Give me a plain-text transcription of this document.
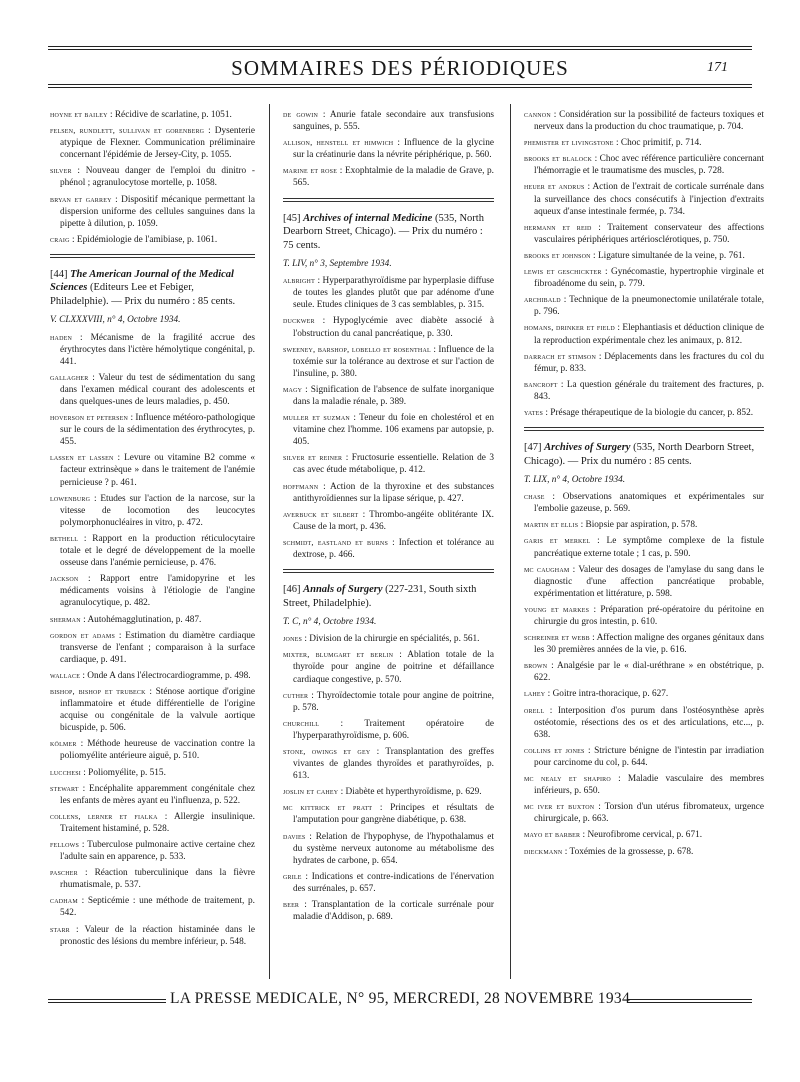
SOMMAIRES DES PÉRIODIQUES	171
hoyne et bailey : Récidive de scarlatine, p. 1051.
felsen, rundlett, sullivan et gorenberg : Dysenterie atypique de Flexner. Communication préliminaire concernant l'épidémie de Jersey-City, p. 1055.
silver : Nouveau danger de l'emploi du dinitro - phénol ; agranulocytose mortelle, p. 1058.
bryan et garrey : Dispositif mécanique permettant la dispersion uniforme des cellules sanguines dans la pipette à dilution, p. 1059.
craig : Epidémiologie de l'amibiase, p. 1061.
[44] The American Journal of the Medical Sciences (Editeurs Lee et Febiger, Philadelphie). — Prix du numéro : 85 cents.
V. CLXXXVIII, n° 4, Octobre 1934.
haden : Mécanisme de la fragilité accrue des érythrocytes dans l'ictère hémolytique congénital, p. 441.
gallagher : Valeur du test de sédimentation du sang dans l'examen médical courant des adolescents et dans quelques-unes de leurs maladies, p. 450.
hoverson et petersen : Influence météoro-pathologique sur le cours de la sédimentation des érythrocytes, p. 455.
lassen et lassen : Levure ou vitamine B2 comme « facteur extrinsèque » dans le traitement de l'anémie pernicieuse ? p. 461.
lowenburg : Etudes sur l'action de la narcose, sur la vitesse de locomotion des leucocytes polymorphonucléaires in vitro, p. 472.
bethell : Rapport en la production réticulocytaire totale et le degré de développement de la moelle osseuse dans l'anémie pernicieuse, p. 476.
jackson : Rapport entre l'amidopyrine et les médicaments voisins à l'étiologie de l'angine agranulocytique, p. 482.
sherman : Autohémagglutination, p. 487.
gordon et adams : Estimation du diamètre cardiaque transverse de l'enfant ; comparaison à la surface cardiaque, p. 491.
wallace : Onde A dans l'électrocardiogramme, p. 498.
bishop, bishop et trubeck : Sténose aortique d'origine inflammatoire et étude différentielle de l'origine acquise ou congénitale de la valvule aortique bicuspide, p. 506.
kölmer : Méthode heureuse de vaccination contre la poliomyélite antérieure aiguë, p. 510.
lucchesi : Poliomyélite, p. 515.
stewart : Encéphalite apparemment congénitale chez les enfants de mères ayant eu l'influenza, p. 522.
collens, lerner et fialka : Allergie insulinique. Traitement histaminé, p. 528.
fellows : Tuberculose pulmonaire active certaine chez l'adulte sain en apparence, p. 533.
pascher : Réaction tuberculinique dans la fièvre rhumatismale, p. 537.
cadham : Septicémie : une méthode de traitement, p. 542.
starr : Valeur de la réaction histaminée dans le pronostic des lésions du membre inférieur, p. 548.
de gowin : Anurie fatale secondaire aux transfusions sanguines, p. 555.
allison, henstell et himwich : Influence de la glycine sur la créatinurie dans la névrite périphérique, p. 560.
marine et rose : Exophtalmie de la maladie de Grave, p. 565.
[45] Archives of internal Medicine (535, North Dearborn Street, Chicago). — Prix du numéro : 75 cents.
T. LIV, n° 3, Septembre 1934.
albright : Hyperparathyroïdisme par hyperplasie diffuse de toutes les glandes plutôt que par adénome d'une seule. Etudes cliniques de 3 cas semblables, p. 315.
duckwer : Hypoglycémie avec diabète associé à l'obstruction du canal pancréatique, p. 330.
sweeney, barshop, lobello et rosenthal : Influence de la toxémie sur la tolérance au dextrose et sur l'action de l'insuline, p. 380.
magy : Signification de l'absence de sulfate inorganique dans la maladie rénale, p. 389.
muller et suzman : Teneur du foie en cholestérol et en vitamine chez l'homme. 106 examens par autopsie, p. 405.
silver et reiner : Fructosurie essentielle. Relation de 3 cas avec étude métabolique, p. 412.
hoffmann : Action de la thyroxine et des substances antithyroïdiennes sur la lipase sérique, p. 427.
averbuck et silbert : Thrombo-angéite oblitérante IX. Cause de la mort, p. 436.
schmidt, eastland et burns : Infection et tolérance au dextrose, p. 466.
[46] Annals of Surgery (227-231, South sixth Street, Philadelphie).
T. C, n° 4, Octobre 1934.
jones : Division de la chirurgie en spécialités, p. 561.
mixter, blumgart et berlin : Ablation totale de la thyroïde pour angine de poitrine et défaillance cardiaque congestive, p. 570.
cuther : Thyroïdectomie totale pour angine de poitrine, p. 578.
churchill : Traitement opératoire de l'hyperparathyroïdisme, p. 606.
stone, owings et gey : Transplantation des greffes vivantes de glandes thyroïdes et parathyroïdes, p. 613.
joslin et cahey : Diabète et hyperthyroïdisme, p. 629.
mc kittrick et pratt : Principes et résultats de l'amputation pour gangrène diabétique, p. 638.
davies : Relation de l'hypophyse, de l'hypothalamus et du système nerveux autonome au métabolisme des hydrates de carbone, p. 654.
grile : Indications et contre-indications de l'énervation des surrénales, p. 657.
beer : Transplantation de la corticale surrénale pour maladie d'Addison, p. 689.
cannon : Considération sur la possibilité de facteurs toxiques et nerveux dans la production du choc traumatique, p. 704.
phemister et livingstone : Choc primitif, p. 714.
brooks et blalock : Choc avec référence particulière concernant l'hémorragie et le traumatisme des muscles, p. 728.
heuer et andrus : Action de l'extrait de corticale surrénale dans la surveillance des chocs consécutifs à l'injection d'extraits aqueux d'anse intestinale fermée, p. 734.
hermann et reid : Traitement conservateur des affections vasculaires périphériques artériosclérotiques, p. 750.
brooks et johnson : Ligature simultanée de la veine, p. 761.
lewis et geschickter : Gynécomastie, hypertrophie virginale et fibroadénome du sein, p. 779.
archibald : Technique de la pneumonectomie unilatérale totale, p. 796.
homans, drinker et field : Elephantiasis et déduction clinique de la reproduction expérimentale chez les animaux, p. 812.
darrach et stimson : Déplacements dans les fractures du col du fémur, p. 833.
bancroft : La question générale du traitement des fractures, p. 843.
yates : Présage thérapeutique de la biologie du cancer, p. 852.
[47] Archives of Surgery (535, North Dearborn Street, Chicago). — Prix du numéro : 85 cents.
T. LIX, n° 4, Octobre 1934.
chase : Observations anatomiques et expérimentales sur l'embolie gazeuse, p. 569.
martin et ellis : Biopsie par aspiration, p. 578.
garis et merkel : Le symptôme complexe de la fistule pancréatique externe totale ; 1 cas, p. 590.
mc caugham : Valeur des dosages de l'amylase du sang dans le diagnostic d'une affection pancréatique probable, expérimentation et littérature, p. 598.
young et markes : Préparation pré-opératoire du péritoine en chirurgie du gros intestin, p. 610.
schreiner et webb : Affection maligne des organes génitaux dans les 30 premières années de la vie, p. 616.
brown : Analgésie par le « dial-uréthrane » en obstétrique, p. 622.
lahey : Goitre intra-thoracique, p. 627.
orell : Interposition d'os purum dans l'ostéosynthèse après ostéotomie, résections des os et des articulations, etc..., p. 638.
collins et jones : Stricture bénigne de l'intestin par irradiation pour carcinome du col, p. 644.
mc nealy et shapiro : Maladie vasculaire des membres inférieurs, p. 650.
mc iver et buxton : Torsion d'un utérus fibromateux, urgence chirurgicale, p. 663.
mayo et barber : Neurofibrome cervical, p. 671.
dieckmann : Toxémies de la grossesse, p. 678.
LA PRESSE MEDICALE, N° 95, MERCREDI, 28 NOVEMBRE 1934
